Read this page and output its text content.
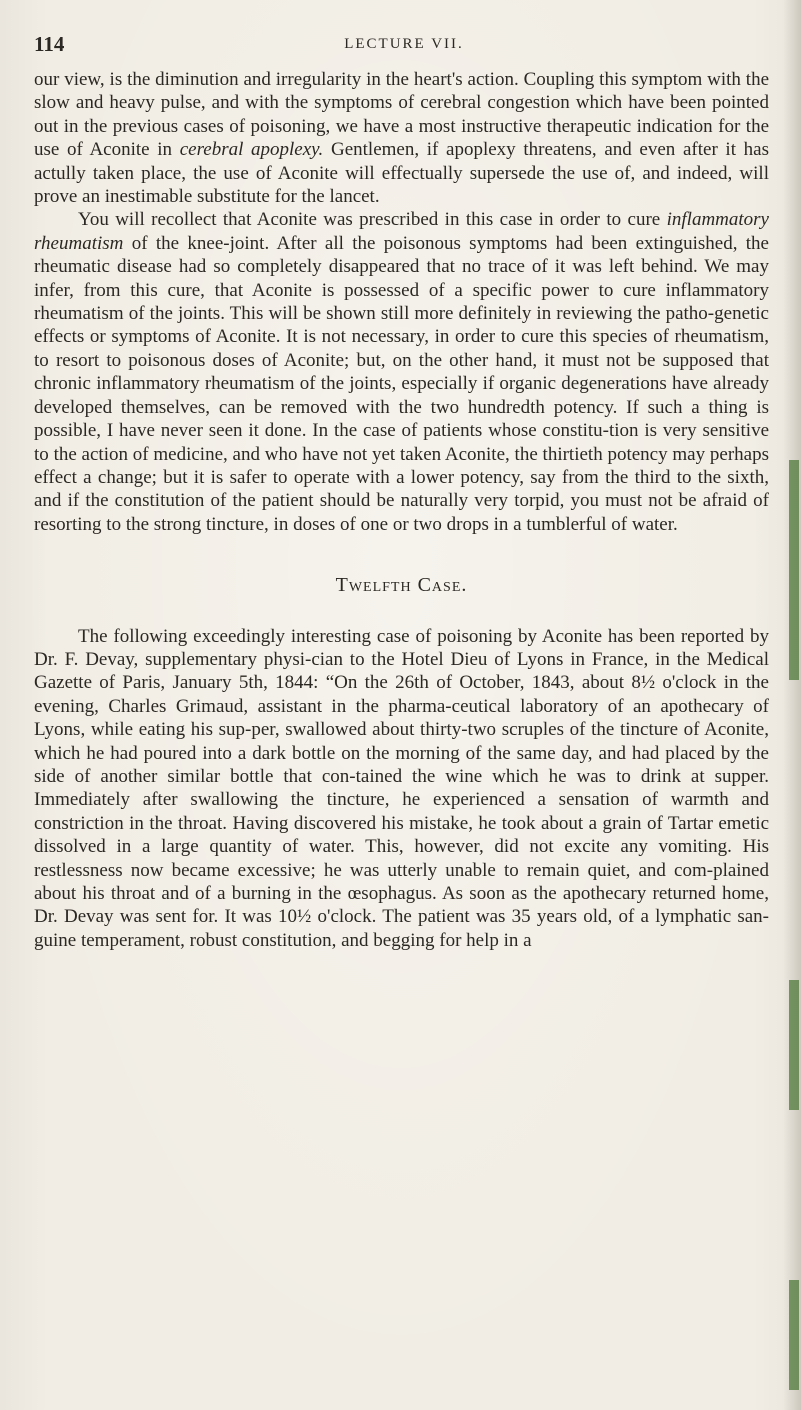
114	LECTURE VII.

our view, is the diminution and irregularity in the heart's action. Coupling this symptom with the slow and heavy pulse, and with the symptoms of cerebral congestion which have been pointed out in the previous cases of poisoning, we have a most instructive therapeutic indication for the use of Aconite in cerebral apoplexy. Gentlemen, if apoplexy threatens, and even after it has actully taken place, the use of Aconite will effectually supersede the use of, and indeed, will prove an inestimable substitute for the lancet.

You will recollect that Aconite was prescribed in this case in order to cure inflammatory rheumatism of the knee-joint. After all the poisonous symptoms had been extinguished, the rheumatic disease had so completely disappeared that no trace of it was left behind. We may infer, from this cure, that Aconite is possessed of a specific power to cure inflammatory rheumatism of the joints. This will be shown still more definitely in reviewing the patho-genetic effects or symptoms of Aconite. It is not necessary, in order to cure this species of rheumatism, to resort to poisonous doses of Aconite; but, on the other hand, it must not be supposed that chronic inflammatory rheumatism of the joints, especially if organic degenerations have already developed themselves, can be removed with the two hundredth potency. If such a thing is possible, I have never seen it done. In the case of patients whose constitu-tion is very sensitive to the action of medicine, and who have not yet taken Aconite, the thirtieth potency may perhaps effect a change; but it is safer to operate with a lower potency, say from the third to the sixth, and if the constitution of the patient should be naturally very torpid, you must not be afraid of resorting to the strong tincture, in doses of one or two drops in a tumblerful of water.

Twelfth Case.

The following exceedingly interesting case of poisoning by Aconite has been reported by Dr. F. Devay, supplementary physi-cian to the Hotel Dieu of Lyons in France, in the Medical Gazette of Paris, January 5th, 1844: “On the 26th of October, 1843, about 8½ o'clock in the evening, Charles Grimaud, assistant in the pharma-ceutical laboratory of an apothecary of Lyons, while eating his sup-per, swallowed about thirty-two scruples of the tincture of Aconite, which he had poured into a dark bottle on the morning of the same day, and had placed by the side of another similar bottle that con-tained the wine which he was to drink at supper. Immediately after swallowing the tincture, he experienced a sensation of warmth and constriction in the throat. Having discovered his mistake, he took about a grain of Tartar emetic dissolved in a large quantity of water. This, however, did not excite any vomiting. His restlessness now became excessive; he was utterly unable to remain quiet, and com-plained about his throat and of a burning in the œsophagus. As soon as the apothecary returned home, Dr. Devay was sent for. It was 10½ o'clock. The patient was 35 years old, of a lymphatic san-guine temperament, robust constitution, and begging for help in a
